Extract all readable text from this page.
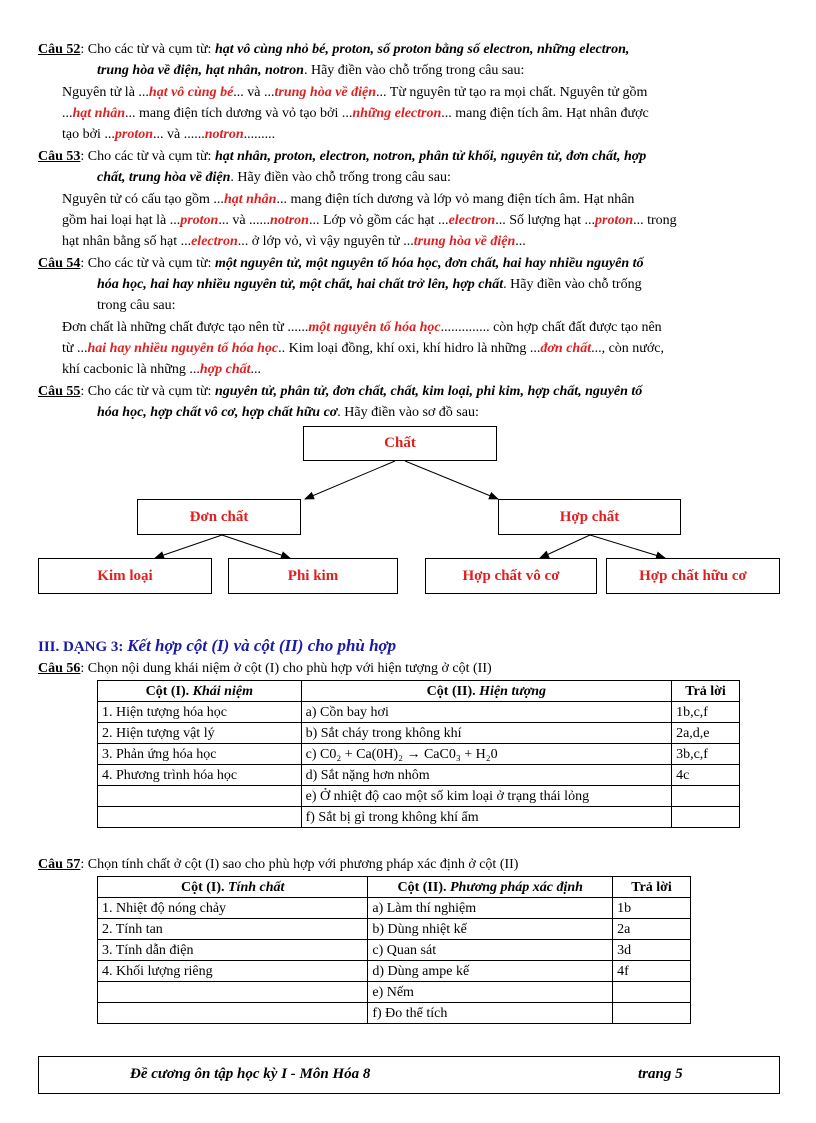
Câu 52: Cho các từ và cụm từ: hạt vô cùng nhỏ bé, proton, số proton bằng số electron, những electron,
trung hòa về điện, hạt nhân, notron. Hãy điền vào chỗ trống trong câu sau:
Nguyên tử là ...hạt vô cùng bé... và ...trung hòa về điện... Từ nguyên tử tạo ra mọi chất. Nguyên tử gồm
...hạt nhân... mang điện tích dương và vỏ tạo bởi ...những electron... mang điện tích âm. Hạt nhân được
tạo bởi ...proton... và ......notron.........
Câu 53: Cho các từ và cụm từ: hạt nhân, proton, electron, notron, phân tử khối, nguyên tử, đơn chất, hợp
chất, trung hòa về điện. Hãy điền vào chỗ trống trong câu sau:
Nguyên tử có cấu tạo gồm ...hạt nhân... mang điện tích dương và lớp vỏ mang điện tích âm. Hạt nhân
gồm hai loại hạt là ...proton... và ......notron... Lớp vỏ gồm các hạt ...electron... Số lượng hạt ...proton... trong
hạt nhân bằng số hạt ...electron... ở lớp vỏ, vì vậy nguyên tử ...trung hòa về điện...
Câu 54: Cho các từ và cụm từ: một nguyên tử, một nguyên tố hóa học, đơn chất, hai hay nhiều nguyên tố
hóa học, hai hay nhiều nguyên tử, một chất, hai chất trở lên, hợp chất. Hãy điền vào chỗ trống
trong câu sau:
Đơn chất là những chất được tạo nên từ ......một nguyên tố hóa học.............. còn hợp chất đất được tạo nên
từ ...hai hay nhiều nguyên tố hóa học.. Kim loại đồng, khí oxi, khí hidro là những ...đơn chất..., còn nước,
khí cacbonic là những ...hợp chất...
Câu 55: Cho các từ và cụm từ: nguyên tử, phân tử, đơn chất, chất, kim loại, phi kim, hợp chất, nguyên tố
hóa học, hợp chất vô cơ, hợp chất hữu cơ. Hãy điền vào sơ đồ sau:
Chất
Đơn chất	Hợp chất
Kim loại	Phi kim	Hợp chất vô cơ	Hợp chất hữu cơ
III. DẠNG 3: Kết hợp cột (I) và cột (II) cho phù hợp
Câu 56: Chọn nội dung khái niệm ở cột (I) cho phù hợp với hiện tượng ở cột (II)
Cột (I). Khái niệm	Cột (II). Hiện tượng	Trả lời
1. Hiện tượng hóa học	a) Cồn bay hơi	1b,c,f
2. Hiện tượng vật lý	b) Sắt cháy trong không khí	2a,d,e
3. Phản ứng hóa học	c) C0₂ + Ca(0H)₂ → CaC0₃ + H₂0	3b,c,f
4. Phương trình hóa học	d) Sắt nặng hơn nhôm	4c
	e) Ở nhiệt độ cao một số kim loại ở trạng thái lỏng	
	f) Sắt bị gỉ trong không khí ẩm	
Câu 57: Chọn tính chất ở cột (I) sao cho phù hợp với phương pháp xác định ở cột (II)
Cột (I). Tính chất	Cột (II). Phương pháp xác định	Trả lời
1. Nhiệt độ nóng chảy	a) Làm thí nghiệm	1b
2. Tính tan	b) Dùng nhiệt kế	2a
3. Tính dẫn điện	c) Quan sát	3d
4. Khối lượng riêng	d) Dùng ampe kế	4f
	e) Nếm	
	f) Đo thể tích	
Đề cương ôn tập học kỳ I - Môn Hóa 8	trang 5
